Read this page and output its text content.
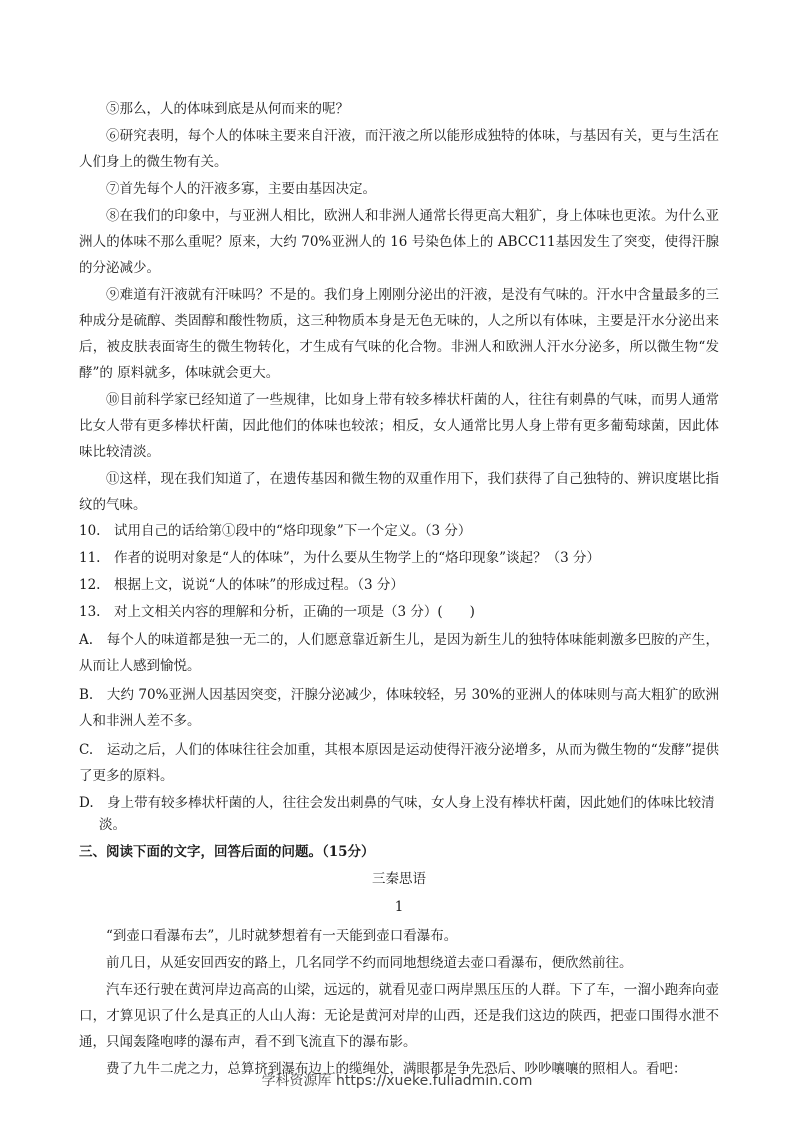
⑤那么，人的体味到底是从何而来的呢？

⑥研究表明，每个人的体味主要来自汗液，而汗液之所以能形成独特的体味，与基因有关，更与生活在人们身上的微生物有关。

⑦首先每个人的汗液多寡，主要由基因决定。

⑧在我们的印象中，与亚洲人相比，欧洲人和非洲人通常长得更高大粗犷，身上体味也更浓。为什么亚洲人的体味不那么重呢？原来，大约 70%亚洲人的 16 号染色体上的 ABCC11基因发生了突变，使得汗腺的分泌减少。

⑨难道有汗液就有汗味吗？不是的。我们身上刚刚分泌出的汗液，是没有气味的。汗水中含量最多的三种成分是硫醇、类固醇和酸性物质，这三种物质本身是无色无味的，人之所以有体味，主要是汗水分泌出来后，被皮肤表面寄生的微生物转化，才生成有气味的化合物。非洲人和欧洲人汗水分泌多，所以微生物“发酵”的 原料就多，体味就会更大。

⑩目前科学家已经知道了一些规律，比如身上带有较多棒状杆菌的人，往往有刺鼻的气味，而男人通常比女人带有更多棒状杆菌，因此他们的体味也较浓；相反，女人通常比男人身上带有更多葡萄球菌，因此体味比较清淡。

⑪这样，现在我们知道了，在遗传基因和微生物的双重作用下，我们获得了自己独特的、辨识度堪比指纹的气味。

10.　试用自己的话给第①段中的“烙印现象”下一个定义。（3 分）

11.　作者的说明对象是“人的体味”，为什么要从生物学上的“烙印现象”谈起？（3 分）

12.　根据上文，说说“人的体味”的形成过程。（3 分）

13.　对上文相关内容的理解和分析，正确的一项是（3 分）(　　)

A.　每个人的味道都是独一无二的，人们愿意靠近新生儿，是因为新生儿的独特体味能刺激多巴胺的产生，从而让人感到愉悦。

B.　大约 70%亚洲人因基因突变，汗腺分泌减少，体味较轻，另 30%的亚洲人的体味则与高大粗犷的欧洲人和非洲人差不多。

C.　运动之后，人们的体味往往会加重，其根本原因是运动使得汗液分泌增多，从而为微生物的“发酵”提供了更多的原料。

D.　身上带有较多棒状杆菌的人，往往会发出刺鼻的气味，女人身上没有棒状杆菌，因此她们的体味比较清淡。

三、阅读下面的文字，回答后面的问题。（15分）

三秦思语

1

“到壶口看瀑布去”，儿时就梦想着有一天能到壶口看瀑布。

前几日，从延安回西安的路上，几名同学不约而同地想绕道去壶口看瀑布，便欣然前往。

汽车还行驶在黄河岸边高高的山梁，远远的，就看见壶口两岸黑压压的人群。下了车，一溜小跑奔向壶口，才算见识了什么是真正的人山人海：无论是黄河对岸的山西，还是我们这边的陕西，把壶口围得水泄不通，只闻轰隆咆哮的瀑布声，看不到飞流直下的瀑布影。

费了九牛二虎之力，总算挤到瀑布边上的缆绳处，满眼都是争先恐后、吵吵嚷嚷的照相人。看吧：

学科资源库 https://xueke.fuliadmin.com
